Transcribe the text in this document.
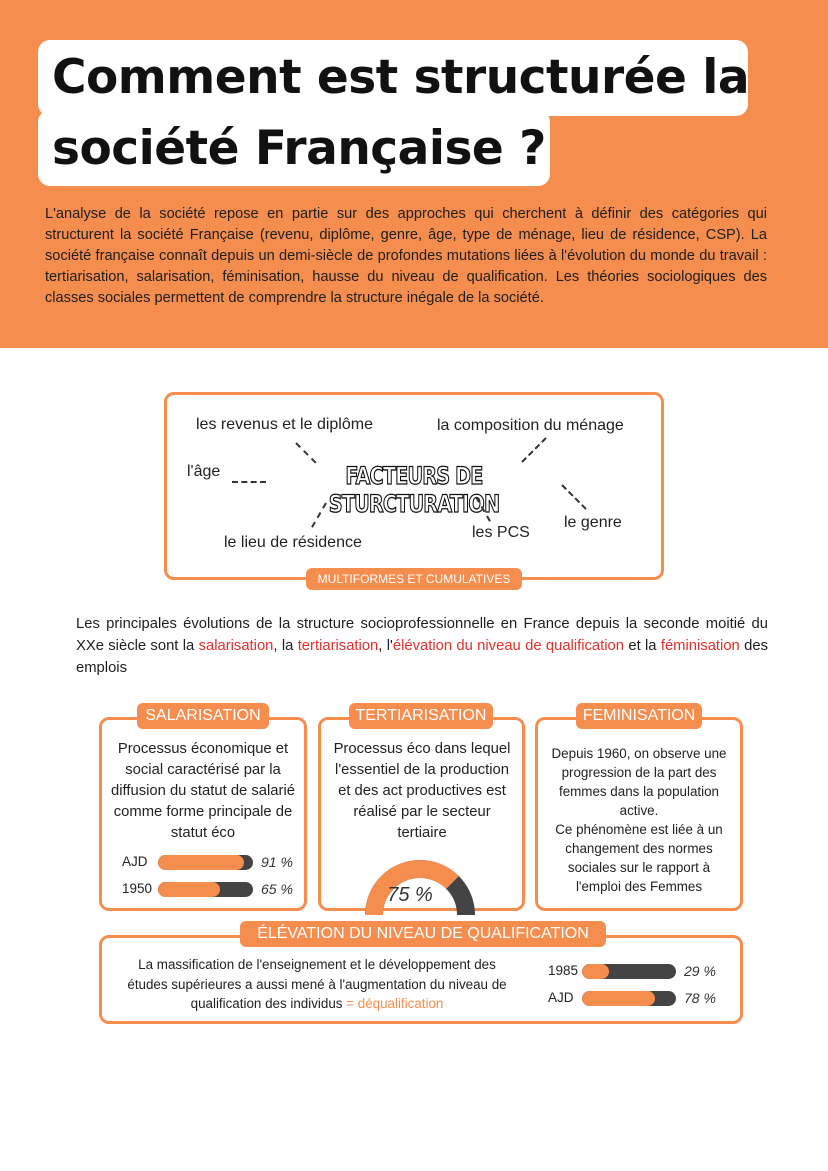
Comment est structurée la
société Française ?

L'analyse de la société repose en partie sur des approches qui cherchent à définir des catégories qui structurent la société Française (revenu, diplôme, genre, âge, type de ménage, lieu de résidence, CSP). La société française connaît depuis un demi-siècle de profondes mutations liées à l'évolution du monde du travail : tertiarisation, salarisation, féminisation, hausse du niveau de qualification. Les théories sociologiques des classes sociales permettent de comprendre la structure inégale de la société.

les revenus et le diplôme	la composition du ménage
l'âge
le genre
les PCS
le lieu de résidence
FACTEURS DE STURCTURATION
MULTIFORMES ET CUMULATIVES

Les principales évolutions de la structure socioprofessionnelle en France depuis la seconde moitié du XXe siècle sont la salarisation, la tertiarisation, l'élévation du niveau de qualification et la féminisation des emplois

SALARISATION
Processus économique et social caractérisé par la diffusion du statut de salarié comme forme principale de statut éco
AJD	91 %
1950	65 %
TERTIARISATION
Processus éco dans lequel l'essentiel de la production et des act productives est réalisé par le secteur tertiaire
75 %
FEMINISATION
Depuis 1960, on observe une progression de la part des femmes dans la population active.
Ce phénomène est liée à un changement des normes sociales sur le rapport à l'emploi des Femmes
ÉLÉVATION DU NIVEAU DE QUALIFICATION
La massification de l'enseignement et le développement des études supérieures a aussi mené à l'augmentation du niveau de qualification des individus = déqualification
1985	29 %
AJD	78 %
